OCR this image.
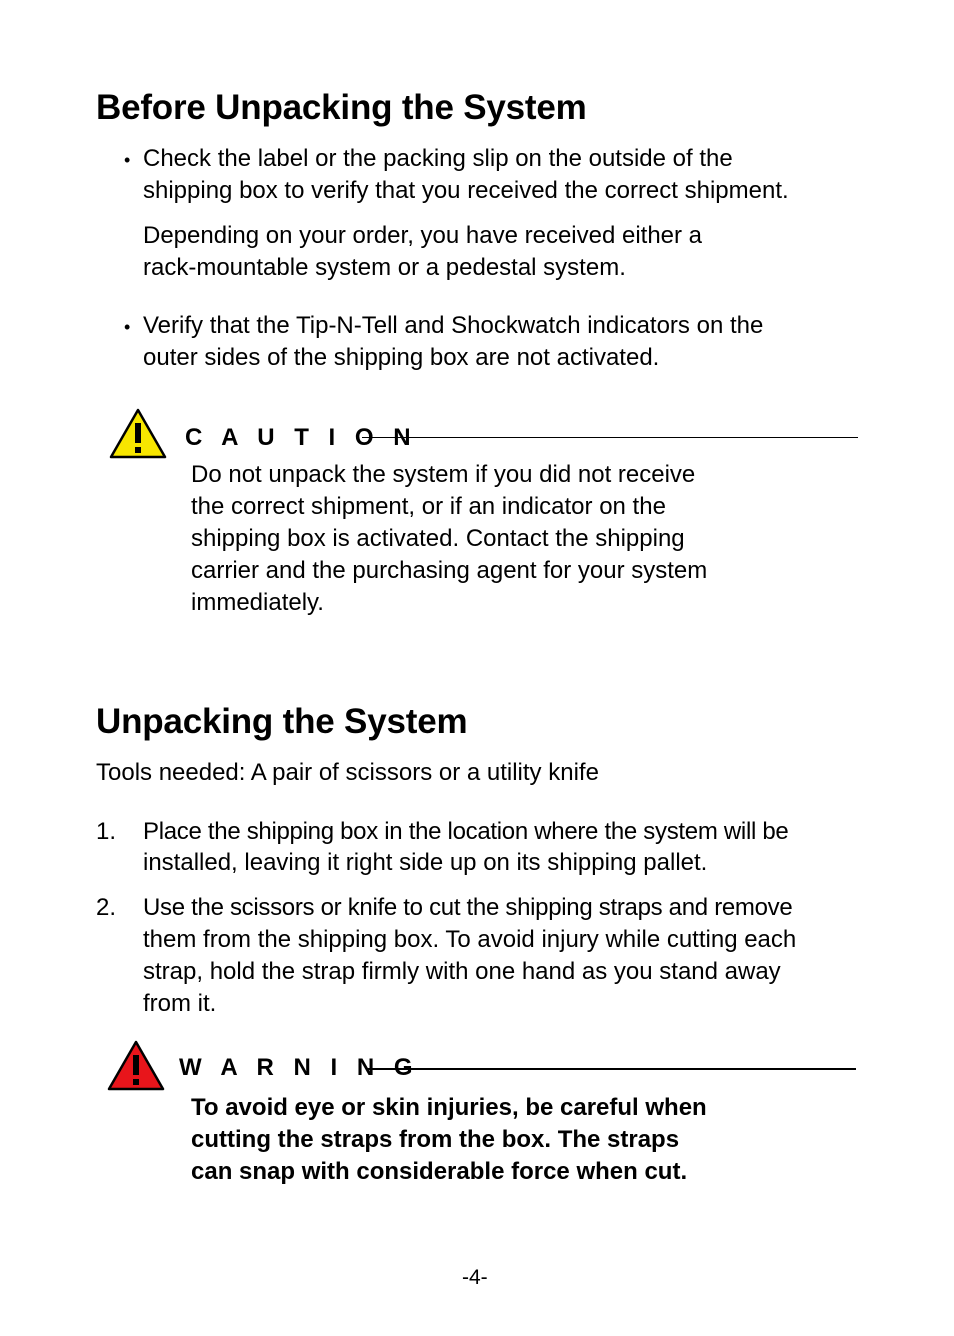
Before Unpacking the System
• Check the label or the packing slip on the outside of the

shipping box to verify that you received the correct shipment.

Depending on your order, you have received either a

rack-mountable system or a pedestal system.

• Verify that the Tip-N-Tell and Shockwatch indicators on the

outer sides of the shipping box are not activated.

C A U T I O N

Do not unpack the system if you did not receive

the correct shipment, or if an indicator on the

shipping box is activated. Contact the shipping

carrier and the purchasing agent for your system

immediately.

Unpacking the System

Tools needed: A pair of scissors or a utility knife

1. Place the shipping box in the location where the system will be

installed, leaving it right side up on its shipping pallet.

2. Use the scissors or knife to cut the shipping straps and remove

them from the shipping box. To avoid injury while cutting each

strap, hold the strap firmly with one hand as you stand away

from it.

W A R N I N G

To avoid eye or skin injuries, be careful when

cutting the straps from the box. The straps

can snap with considerable force when cut.

-4-
